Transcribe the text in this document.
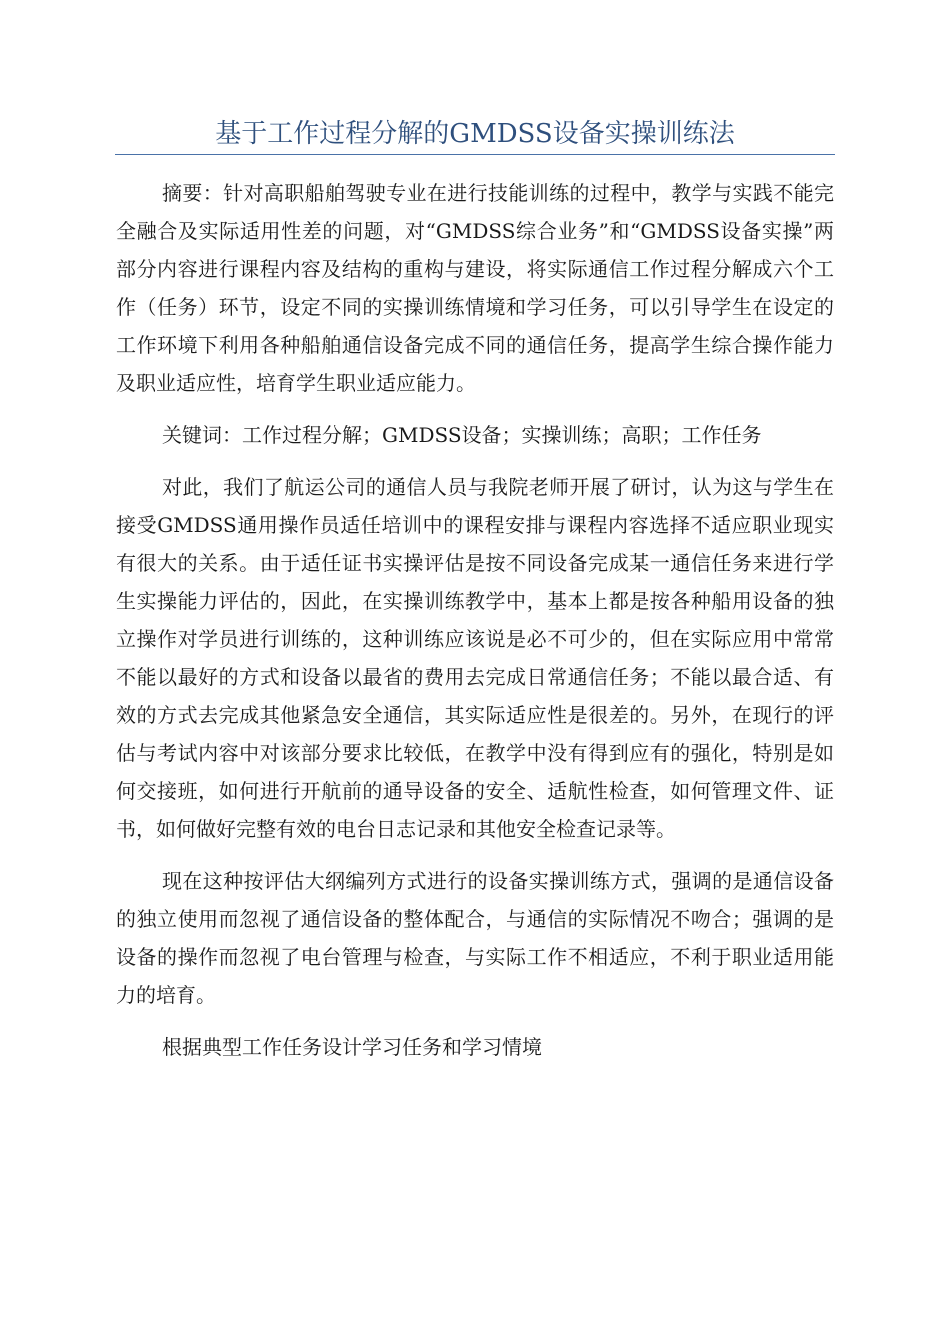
基于工作过程分解的GMDSS设备实操训练法

摘要：针对高职船舶驾驶专业在进行技能训练的过程中，教学与实践不能完全融合及实际适用性差的问题，对“GMDSS综合业务”和“GMDSS设备实操”两部分内容进行课程内容及结构的重构与建设，将实际通信工作过程分解成六个工作（任务）环节，设定不同的实操训练情境和学习任务，可以引导学生在设定的工作环境下利用各种船舶通信设备完成不同的通信任务，提高学生综合操作能力及职业适应性，培育学生职业适应能力。

关键词：工作过程分解；GMDSS设备；实操训练；高职；工作任务

对此，我们了航运公司的通信人员与我院老师开展了研讨，认为这与学生在接受GMDSS通用操作员适任培训中的课程安排与课程内容选择不适应职业现实有很大的关系。由于适任证书实操评估是按不同设备完成某一通信任务来进行学生实操能力评估的，因此，在实操训练教学中，基本上都是按各种船用设备的独立操作对学员进行训练的，这种训练应该说是必不可少的，但在实际应用中常常不能以最好的方式和设备以最省的费用去完成日常通信任务；不能以最合适、有效的方式去完成其他紧急安全通信，其实际适应性是很差的。另外，在现行的评估与考试内容中对该部分要求比较低，在教学中没有得到应有的强化，特别是如何交接班，如何进行开航前的通导设备的安全、适航性检查，如何管理文件、证书，如何做好完整有效的电台日志记录和其他安全检查记录等。

现在这种按评估大纲编列方式进行的设备实操训练方式，强调的是通信设备的独立使用而忽视了通信设备的整体配合，与通信的实际情况不吻合；强调的是设备的操作而忽视了电台管理与检查，与实际工作不相适应，不利于职业适用能力的培育。

根据典型工作任务设计学习任务和学习情境
